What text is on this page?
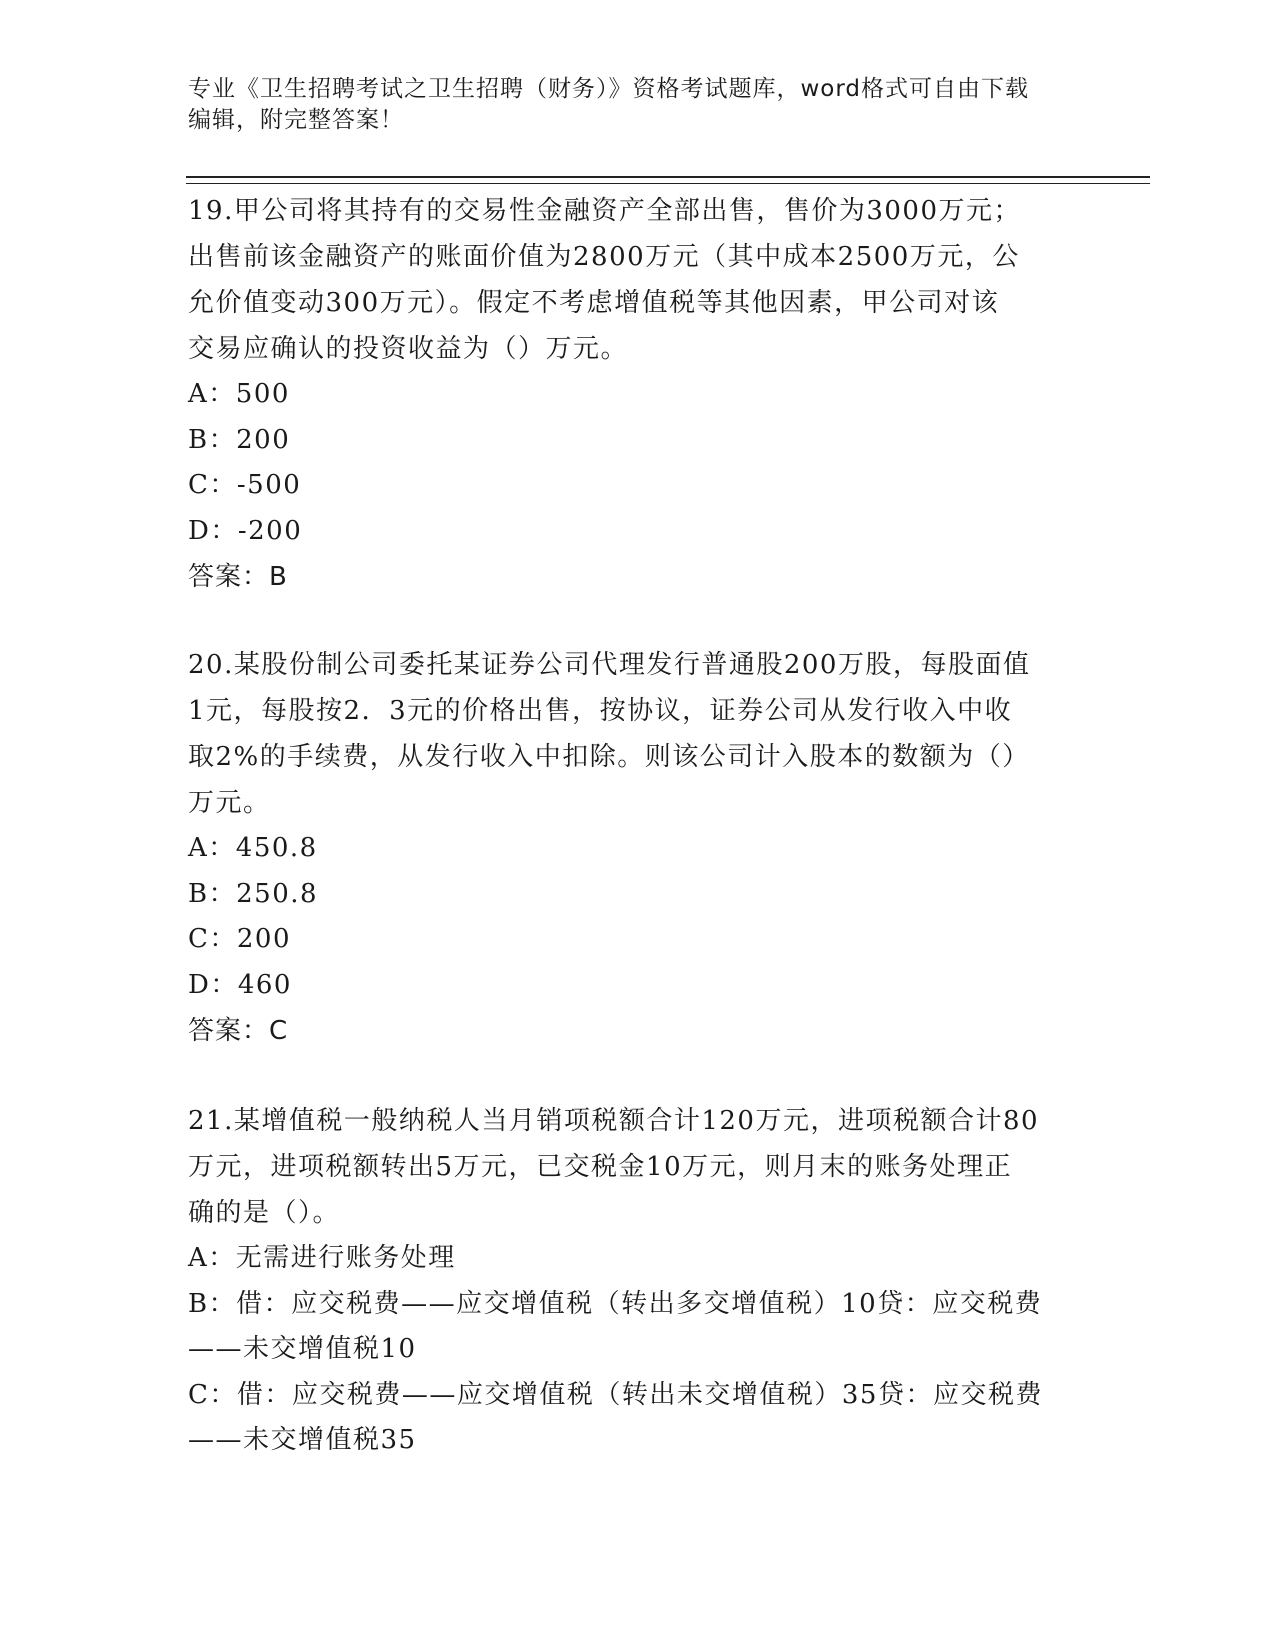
专业《卫生招聘考试之卫生招聘（财务）》资格考试题库，word格式可自由下载

编辑，附完整答案！

19.甲公司将其持有的交易性金融资产全部出售，售价为3000万元；

出售前该金融资产的账面价值为2800万元（其中成本2500万元，公

允价值变动300万元）。假定不考虑增值税等其他因素，甲公司对该

交易应确认的投资收益为（）万元。

A：500

B：200

C：-500

D：-200

答案：B

20.某股份制公司委托某证券公司代理发行普通股200万股，每股面值

1元，每股按2．3元的价格出售，按协议，证券公司从发行收入中收

取2%的手续费，从发行收入中扣除。则该公司计入股本的数额为（）

万元。

A：450.8

B：250.8

C：200

D：460

答案：C

21.某增值税一般纳税人当月销项税额合计120万元，进项税额合计80

万元，进项税额转出5万元，已交税金10万元，则月末的账务处理正

确的是（）。

A：无需进行账务处理

B：借：应交税费——应交增值税（转出多交增值税）10贷：应交税费

——未交增值税10

C：借：应交税费——应交增值税（转出未交增值税）35贷：应交税费

——未交增值税35
